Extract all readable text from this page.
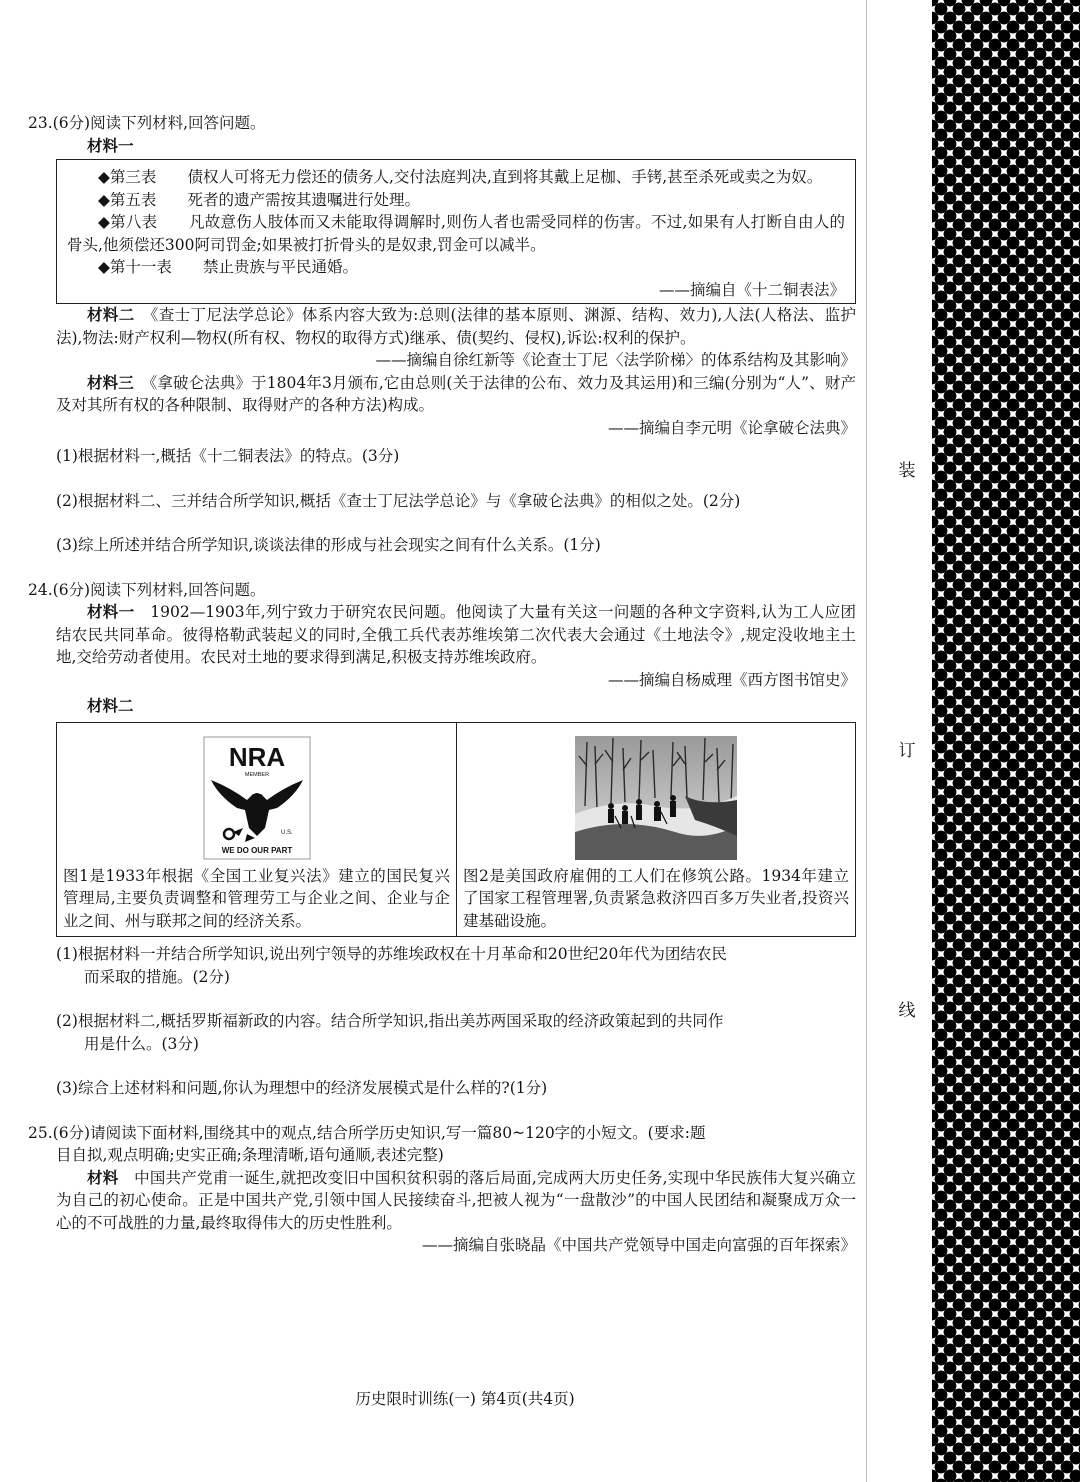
23.(6分)阅读下列材料,回答问题。
材料一
◆第三表　　 债权人可将无力偿还的债务人,交付法庭判决,直到将其戴上足枷、手铐,甚至杀死或卖之为奴。
◆第五表　　 死者的遗产需按其遗嘱进行处理。
◆第八表　　 凡故意伤人肢体而又未能取得调解时,则伤人者也需受同样的伤害。不过,如果有人打断自由人的骨头,他须偿还300阿司罚金;如果被打折骨头的是奴隶,罚金可以减半。
◆第十一表　　 禁止贵族与平民通婚。
——摘编自《十二铜表法》
材料二　 《查士丁尼法学总论》体系内容大致为:总则(法律的基本原则、渊源、结构、效力),人法(人格法、监护法),物法:财产权利—物权(所有权、物权的取得方式)继承、债(契约、侵权),诉讼:权利的保护。
——摘编自徐红新等《论查士丁尼〈法学阶梯〉的体系结构及其影响》
材料三　 《拿破仑法典》于1804年3月颁布,它由总则(关于法律的公布、效力及其运用)和三编(分别为“人”、财产及对其所有权的各种限制、取得财产的各种方法)构成。
——摘编自李元明《论拿破仑法典》
(1)根据材料一,概括《十二铜表法》的特点。(3分)
(2)根据材料二、三并结合所学知识,概括《查士丁尼法学总论》与《拿破仑法典》的相似之处。(2分)
(3)综上所述并结合所学知识,谈谈法律的形成与社会现实之间有什么关系。(1分)
24.(6分)阅读下列材料,回答问题。
材料一　 1902—1903年,列宁致力于研究农民问题。他阅读了大量有关这一问题的各种文字资料,认为工人应团结农民共同革命。彼得格勒武装起义的同时,全俄工兵代表苏维埃第二次代表大会通过《土地法令》,规定没收地主土地,交给劳动者使用。农民对土地的要求得到满足,积极支持苏维埃政府。
——摘编自杨威理《西方图书馆史》
材料二
NRA
MEMBER
U.S.
WE DO OUR PART
图1是1933年根据《全国工业复兴法》建立的国民复兴管理局,主要负责调整和管理劳工与企业之间、企业与企业之间、州与联邦之间的经济关系。
图2是美国政府雇佣的工人们在修筑公路。1934年建立了国家工程管理署,负责紧急救济四百多万失业者,投资兴建基础设施。
(1)根据材料一并结合所学知识,说出列宁领导的苏维埃政权在十月革命和20世纪20年代为团结农民
而采取的措施。(2分)
(2)根据材料二,概括罗斯福新政的内容。结合所学知识,指出美苏两国采取的经济政策起到的共同作
用是什么。(3分)
(3)综合上述材料和问题,你认为理想中的经济发展模式是什么样的?(1分)
25.(6分)请阅读下面材料,围绕其中的观点,结合所学历史知识,写一篇80~120字的小短文。(要求:题
目自拟,观点明确;史实正确;条理清晰,语句通顺,表述完整)
材料　 中国共产党甫一诞生,就把改变旧中国积贫积弱的落后局面,完成两大历史任务,实现中华民族伟大复兴确立为自己的初心使命。正是中国共产党,引领中国人民接续奋斗,把被人视为“一盘散沙”的中国人民团结和凝聚成万众一心的不可战胜的力量,最终取得伟大的历史性胜利。
——摘编自张晓晶《中国共产党领导中国走向富强的百年探索》
装
订
线
历史限时训练(一) 第4页(共4页)
